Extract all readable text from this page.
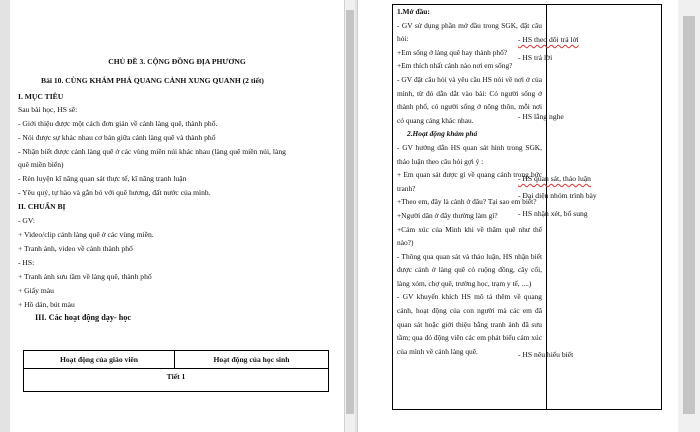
CHỦ ĐỀ 3. CỘNG ĐỒNG ĐỊA PHƯƠNG
Bài 10. CÙNG KHÁM PHÁ QUANG CẢNH XUNG QUANH (2 tiết)
I. MỤC TIÊU
Sau bài học, HS sẽ:
- Giới thiệu được một cách đơn giản về cảnh làng quê, thành phố.
- Nói được sự khác nhau cơ bản giữa cảnh làng quê và thành phố
- Nhận biết được cảnh làng quê ở các vùng miền núi khác nhau (làng quê miền núi, làng
quê miền biển)
- Rèn luyện kĩ năng quan sát thực tế, kĩ năng tranh luận
- Yêu quý, tự hào và gắn bó với quê hương, đất nước của mình.
II. CHUẨN BỊ
- GV:
+ Video/clip cảnh làng quê ở các vùng miền.
+ Tranh ảnh, video về cảnh thành phố
- HS:
+ Tranh ảnh sưu tầm về làng quê, thành phố
+ Giấy màu
+ Hồ dán, bút màu
III. Các hoạt động dạy- học
Hoạt động của giáo viên	Hoạt động của học sinh
Tiết 1
1.Mở đầu:
- GV sử dụng phần mở đầu trong SGK, đặt câu hỏi:
+Em sống ở làng quê hay thành phố?
+Em thích nhất cảnh nào nơi em sống?
- GV đặt câu hỏi và yêu cầu HS nói về nơi ở của mình, từ đó dẫn dắt vào bài: Có người sống ở thành phố, có người sống ở nông thôn, mỗi nơi có quang cảng khác nhau.
2.Hoạt động khám phá
- GV hướng dẫn HS quan sát hình trong SGK, thảo luận theo câu hỏi gợi ý :
+ Em quan sát được gì về quang cảnh trong bức tranh?
+Theo em, đây là cảnh ở đâu? Tại sao em biết?
+Người dân ở đây thường làm gì?
+Cảm xúc của Minh khi về thăm quê như thế nào?)
- Thông qua quan sát và thảo luận, HS nhận biết được cảnh ở làng quê có ruộng đồng, cây cối, làng xóm, chợ quê, trường học, trạm y tế, ....)
- GV khuyến khích HS mô tả thêm về quang cảnh, hoạt động của con người mà các em đã quan sát hoặc giới thiệu bằng tranh ảnh đã sưu tầm; qua đó động viên các em phát biểu cảm xúc của mình về cảnh làng quê.
- HS theo dõi trả lời
- HS trả lời
- HS lắng nghe
- HS quan sát, thảo luận
- Đại diện nhóm trình bày
- HS nhận xét, bổ sung
- HS nêu hiểu biết
